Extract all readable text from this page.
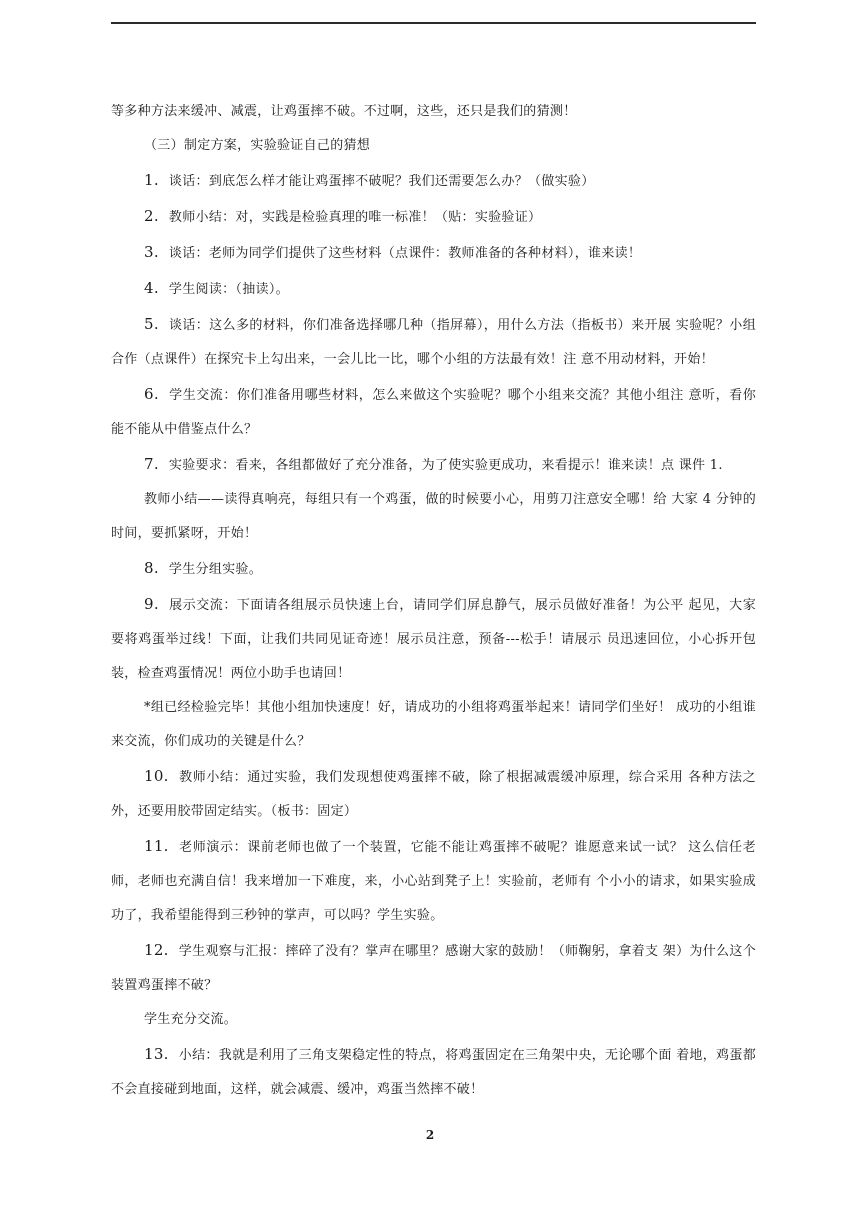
等多种方法来缓冲、减震，让鸡蛋摔不破。不过啊，这些，还只是我们的猜测！

（三）制定方案，实验验证自己的猜想

1. 谈话：到底怎么样才能让鸡蛋摔不破呢？我们还需要怎么办？（做实验）

2. 教师小结：对，实践是检验真理的唯一标准！（贴：实验验证）

3. 谈话：老师为同学们提供了这些材料（点课件：教师准备的各种材料），谁来读！

4. 学生阅读：（抽读）。

5. 谈话：这么多的材料，你们准备选择哪几种（指屏幕），用什么方法（指板书）来开展 实验呢？小组合作（点课件）在探究卡上勾出来，一会儿比一比，哪个小组的方法最有效！注 意不用动材料，开始！

6. 学生交流：你们准备用哪些材料，怎么来做这个实验呢？哪个小组来交流？其他小组注 意听，看你能不能从中借鉴点什么？

7. 实验要求：看来，各组都做好了充分准备，为了使实验更成功，来看提示！谁来读！点 课件 1.

教师小结——读得真响亮，每组只有一个鸡蛋，做的时候要小心，用剪刀注意安全哪！给 大家 4 分钟的时间，要抓紧呀，开始！

8. 学生分组实验。

9. 展示交流：下面请各组展示员快速上台，请同学们屏息静气，展示员做好准备！为公平 起见，大家要将鸡蛋举过线！下面，让我们共同见证奇迹！展示员注意，预备---松手！请展示 员迅速回位，小心拆开包装，检查鸡蛋情况！两位小助手也请回！

*组已经检验完毕！其他小组加快速度！好，请成功的小组将鸡蛋举起来！请同学们坐好！ 成功的小组谁来交流，你们成功的关键是什么？

10. 教师小结：通过实验，我们发现想使鸡蛋摔不破，除了根据减震缓冲原理，综合采用 各种方法之外，还要用胶带固定结实。（板书：固定）

11. 老师演示：课前老师也做了一个装置，它能不能让鸡蛋摔不破呢？谁愿意来试一试？ 这么信任老师，老师也充满自信！我来增加一下难度，来，小心站到凳子上！实验前，老师有 个小小的请求，如果实验成功了，我希望能得到三秒钟的掌声，可以吗？学生实验。

12. 学生观察与汇报：摔碎了没有？掌声在哪里？感谢大家的鼓励！（师鞠躬，拿着支 架）为什么这个装置鸡蛋摔不破？

学生充分交流。

13. 小结：我就是利用了三角支架稳定性的特点，将鸡蛋固定在三角架中央，无论哪个面 着地，鸡蛋都不会直接碰到地面，这样，就会减震、缓冲，鸡蛋当然摔不破！

2
